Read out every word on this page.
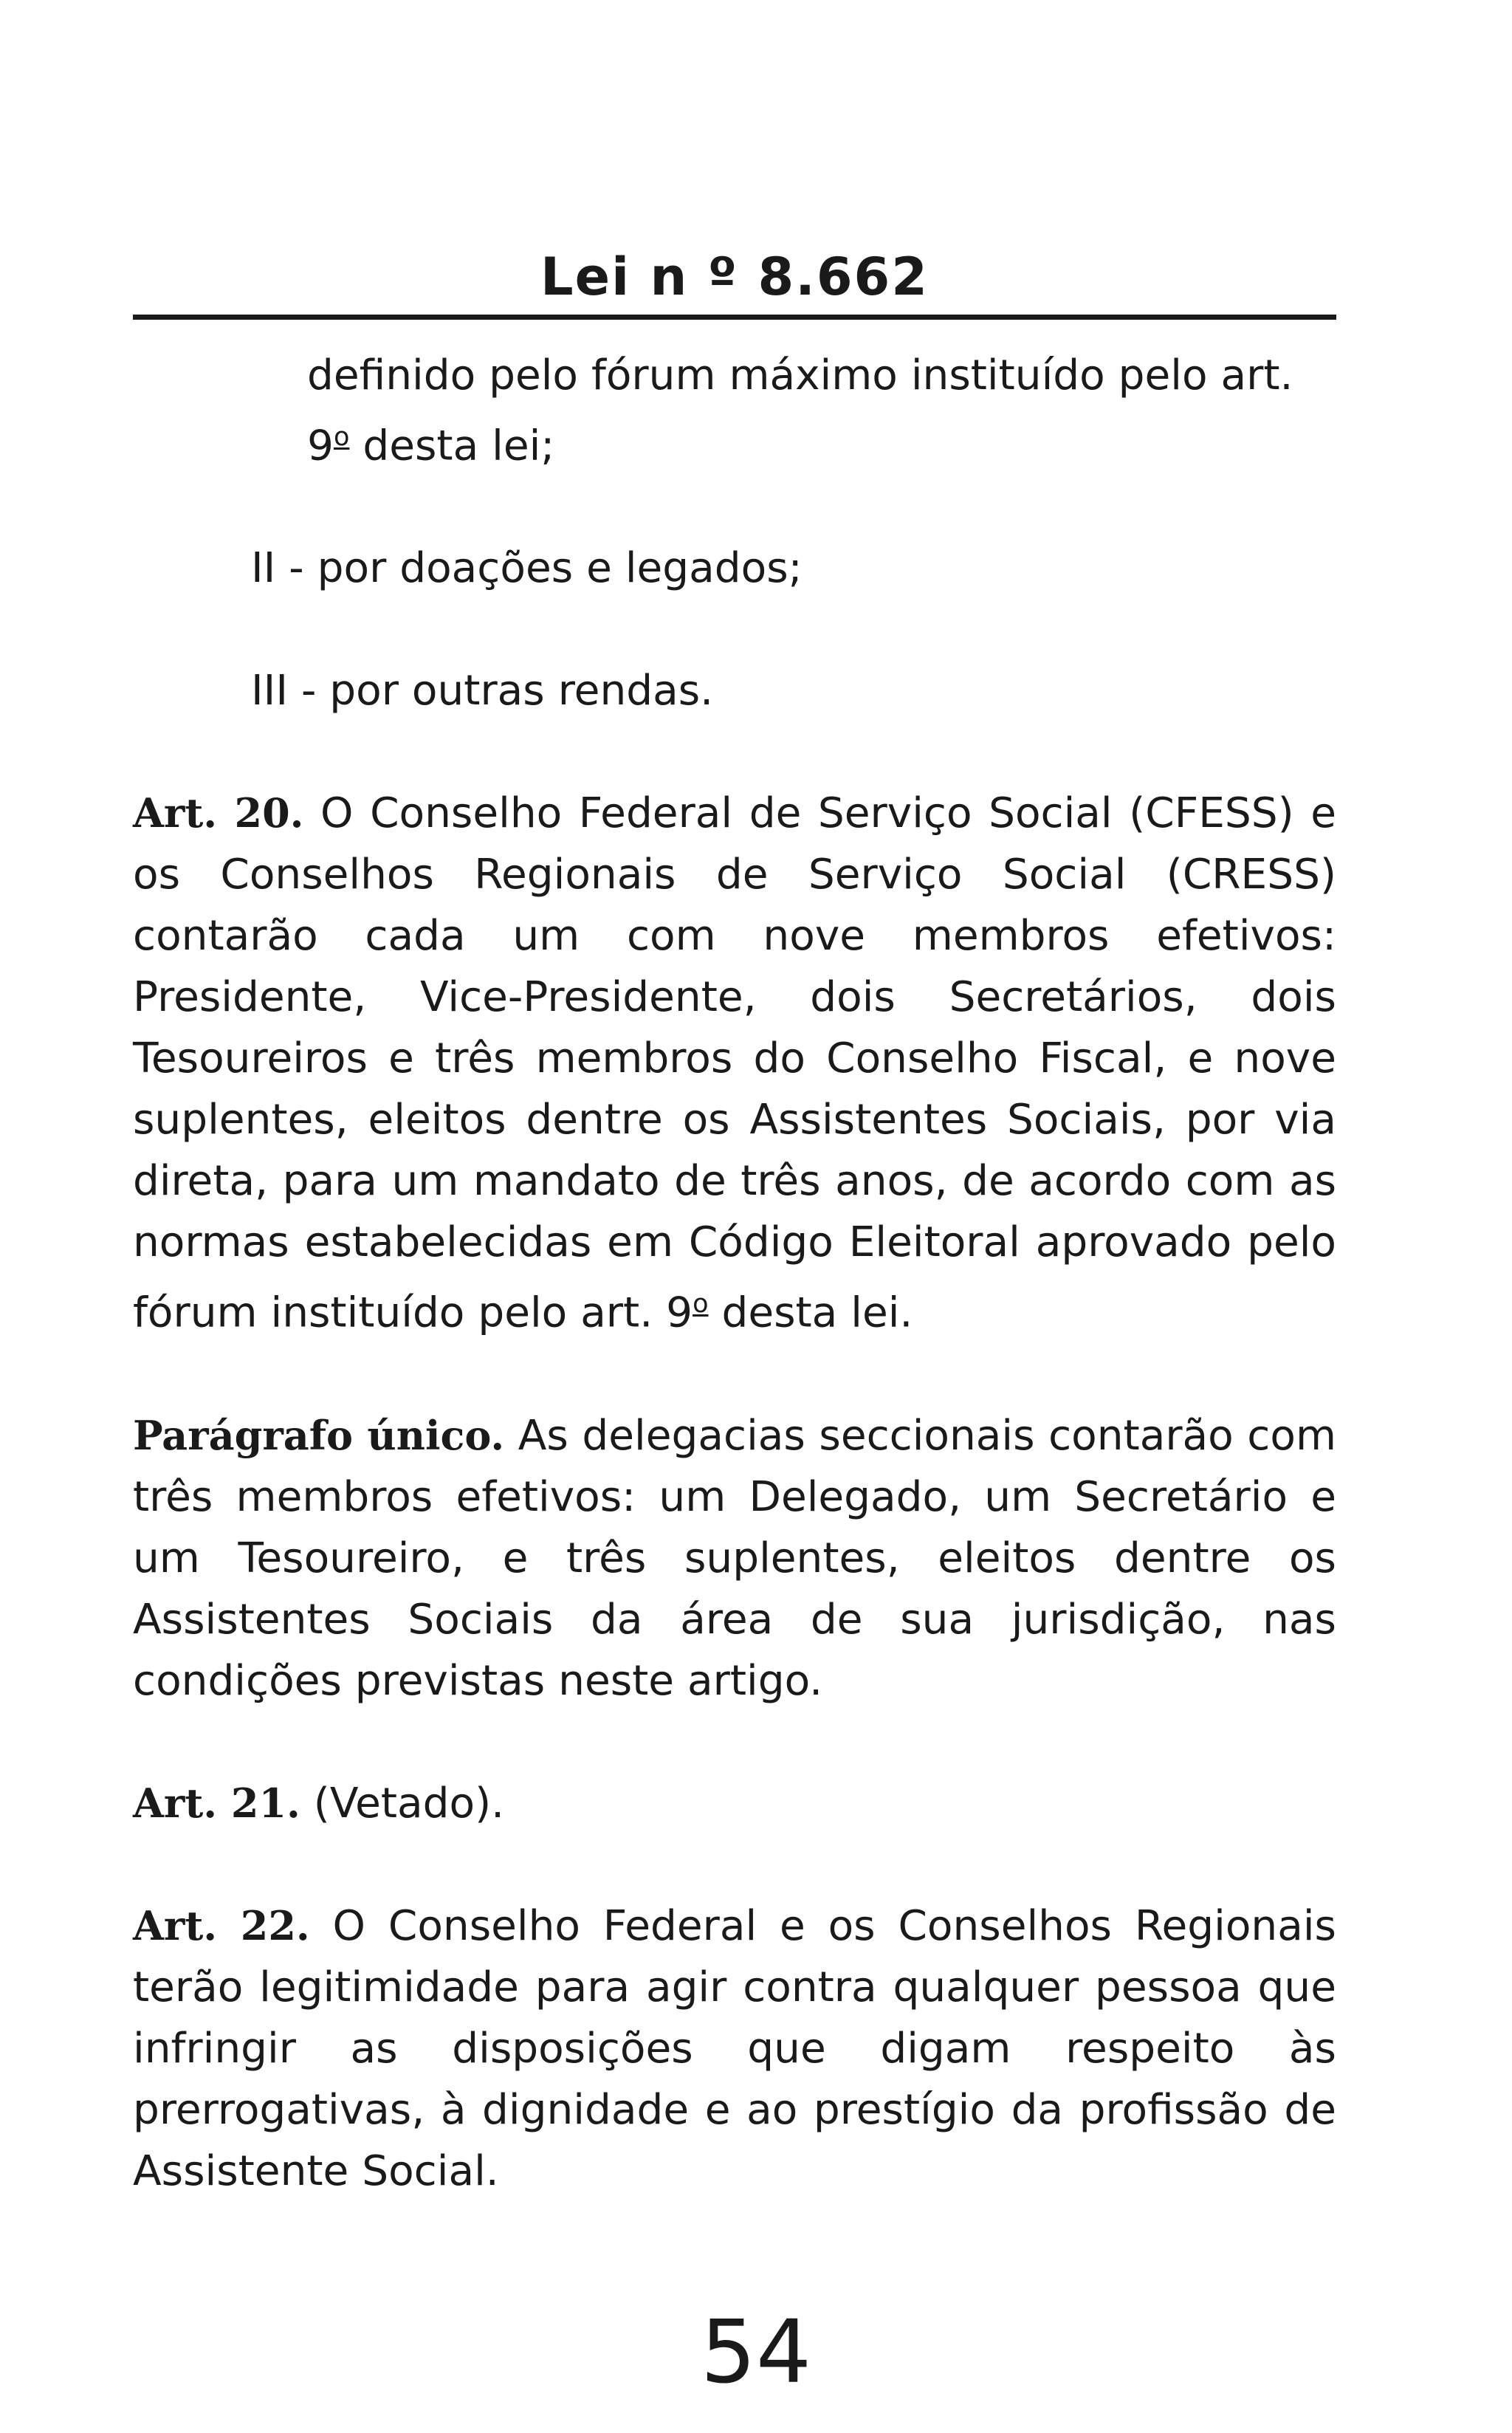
Lei n º 8.662

definido pelo fórum máximo instituído pelo art.
9$^o$ desta lei;

II - por doações e legados;

III - por outras rendas.

Art. 20. O Conselho Federal de Serviço Social (CFESS) e os Conselhos Regionais de Serviço Social (CRESS) contarão cada um com nove membros efetivos: Presidente, Vice-Presidente, dois Secretários, dois Tesoureiros e três membros do Conselho Fiscal, e nove suplentes, eleitos dentre os Assistentes Sociais, por via direta, para um mandato de três anos, de acordo com as normas estabelecidas em Código Eleitoral aprovado pelo fórum instituído pelo art. 9$^o$ desta lei.

Parágrafo único. As delegacias seccionais contarão com três membros efetivos: um Delegado, um Secretário e um Tesoureiro, e três suplentes, eleitos dentre os Assistentes Sociais da área de sua jurisdição, nas condições previstas neste artigo.

Art. 21. (Vetado).

Art. 22. O Conselho Federal e os Conselhos Regionais terão legitimidade para agir contra qualquer pessoa que infringir as disposições que digam respeito às prerrogativas, à dignidade e ao prestígio da profissão de Assistente Social.

54
